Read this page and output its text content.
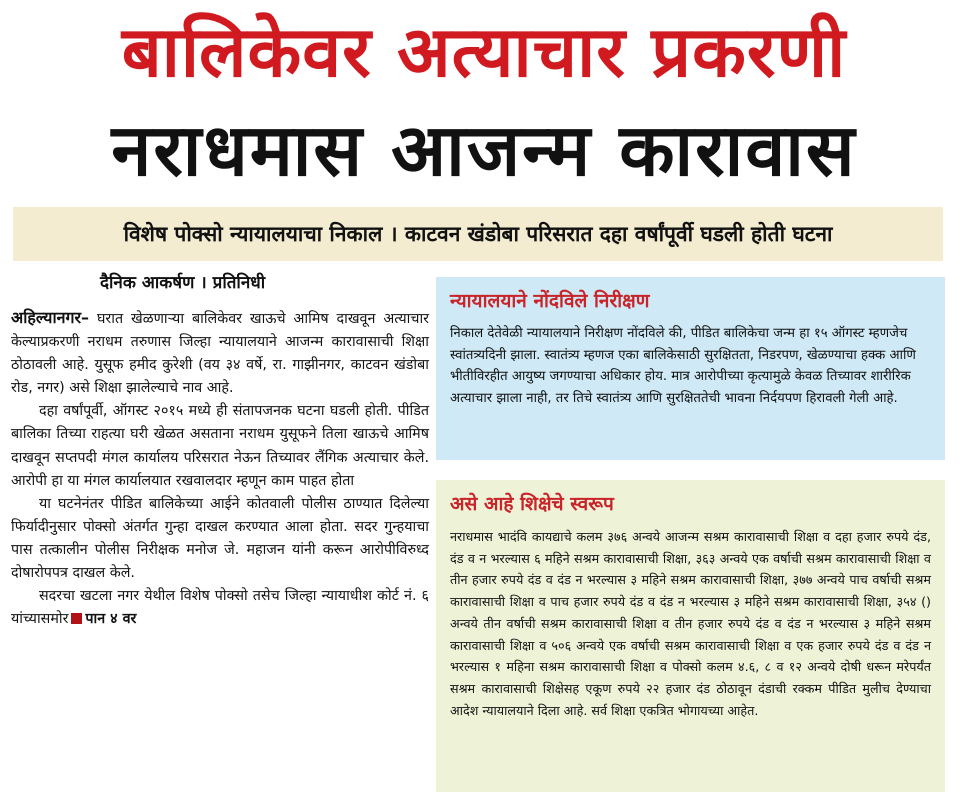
बालिकेवर अत्याचार प्रकरणी
नराधमास आजन्म कारावास
विशेष पोक्सो न्यायालयाचा निकाल । काटवन खंडोबा परिसरात दहा वर्षांपूर्वी घडली होती घटना
दैनिक आकर्षण । प्रतिनिधी

अहिल्यानगर– घरात खेळणाऱ्या बालिकेवर खाऊचे आमिष दाखवून अत्याचार केल्याप्रकरणी नराधम तरुणास जिल्हा न्यायालयाने आजन्म कारावासाची शिक्षा ठोठावली आहे. युसूफ हमीद कुरेशी (वय ३४ वर्षे, रा. गाझीनगर, काटवन खंडोबा रोड, नगर) असे शिक्षा झालेल्याचे नाव आहे.

दहा वर्षांपूर्वी, ऑगस्ट २०१५ मध्ये ही संतापजनक घटना घडली होती. पीडित बालिका तिच्या राहत्या घरी खेळत असताना नराधम युसूफने तिला खाऊचे आमिष दाखवून सप्तपदी मंगल कार्यालय परिसरात नेऊन तिच्यावर लैंगिक अत्याचार केले. आरोपी हा या मंगल कार्यालयात रखवालदार म्हणून काम पाहत होता

या घटनेनंतर पीडित बालिकेच्या आईने कोतवाली पोलीस ठाण्यात दिलेल्या फिर्यादीनुसार पोक्सो अंतर्गत गुन्हा दाखल करण्यात आला होता. सदर गुन्हयाचा पास तत्कालीन पोलीस निरीक्षक मनोज जे. महाजन यांनी करून आरोपीविरुध्द दोषारोपपत्र दाखल केले.

सदरचा खटला नगर येथील विशेष पोक्सो तसेच जिल्हा न्यायाधीश कोर्ट नं. ६ यांच्यासमोर पान ४ वर

न्यायालयाने नोंदविले निरीक्षण

निकाल देतेवेळी न्यायालयाने निरीक्षण नोंदविले की, पीडित बालिकेचा जन्म हा १५ ऑगस्ट म्हणजेच स्वांतत्र्यदिनी झाला. स्वातंत्र्य म्हणज एका बालिकेसाठी सुरक्षितता, निडरपण, खेळण्याचा हक्क आणि भीतीविरहीत आयुष्य जगण्याचा अधिकार होय. मात्र आरोपीच्या कृत्यामुळे केवळ तिच्यावर शारीरिक अत्याचार झाला नाही, तर तिचे स्वातंत्र्य आणि सुरक्षिततेची भावना निर्दयपण हिरावली गेली आहे.

असे आहे शिक्षेचे स्वरूप

नराधमास भादंवि कायद्याचे कलम ३७६ अन्वये आजन्म सश्रम कारावासाची शिक्षा व दहा हजार रुपये दंड, दंड व न भरल्यास ६ महिने सश्रम कारावासाची शिक्षा, ३६३ अन्वये एक वर्षाची सश्रम कारावासाची शिक्षा व तीन हजार रुपये दंड व दंड न भरल्यास ३ महिने सश्रम कारावासाची शिक्षा, ३७७ अन्वये पाच वर्षाची सश्रम कारावासाची शिक्षा व पाच हजार रुपये दंड व दंड न भरल्यास ३ महिने सश्रम कारावासाची शिक्षा, ३५४ () अन्वये तीन वर्षाची सश्रम कारावासाची शिक्षा व तीन हजार रुपये दंड व दंड न भरल्यास ३ महिने सश्रम कारावासाची शिक्षा व ५०६ अन्वये एक वर्षाची सश्रम कारावासाची शिक्षा व एक हजार रुपये दंड व दंड न भरल्यास १ महिना सश्रम कारावासाची शिक्षा व पोक्सो कलम ४.६, ८ व १२ अन्वये दोषी धरून मरेपर्यंत सश्रम कारावासाची शिक्षेसह एकूण रुपये २२ हजार दंड ठोठावून दंडाची रक्कम पीडित मुलीच देण्याचा आदेश न्यायालयाने दिला आहे. सर्व शिक्षा एकत्रित भोगायच्या आहेत.
